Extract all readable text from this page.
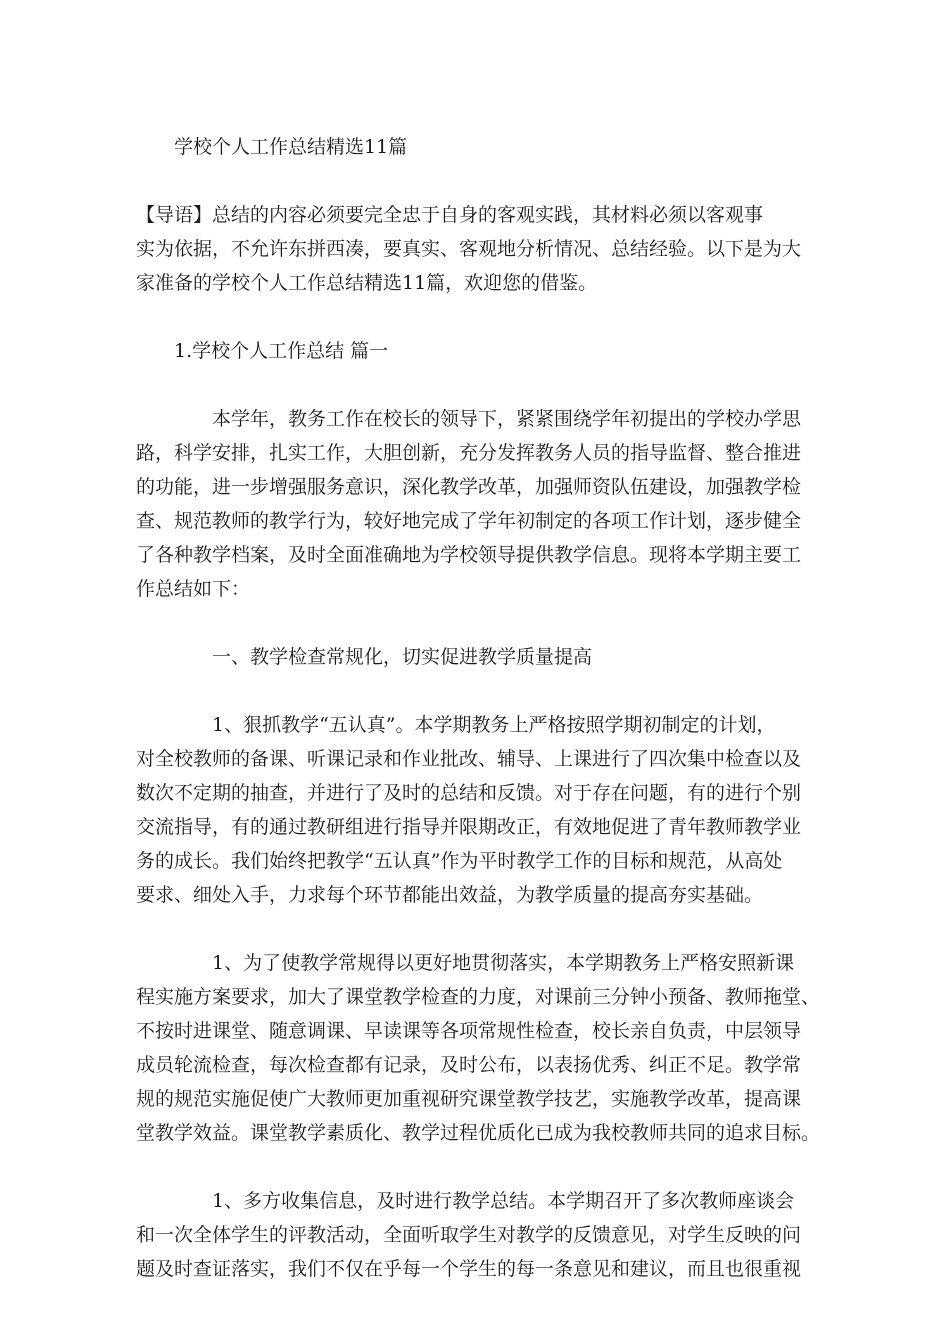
学校个人工作总结精选11篇
【导语】总结的内容必须要完全忠于自身的客观实践，其材料必须以客观事
实为依据，不允许东拼西凑，要真实、客观地分析情况、总结经验。以下是为大
家准备的学校个人工作总结精选11篇，欢迎您的借鉴。
1.学校个人工作总结 篇一
本学年，教务工作在校长的领导下，紧紧围绕学年初提出的学校办学思
路，科学安排，扎实工作，大胆创新，充分发挥教务人员的指导监督、整合推进
的功能，进一步增强服务意识，深化教学改革，加强师资队伍建设，加强教学检
查、规范教师的教学行为，较好地完成了学年初制定的各项工作计划，逐步健全
了各种教学档案，及时全面准确地为学校领导提供教学信息。现将本学期主要工
作总结如下：
一、教学检查常规化，切实促进教学质量提高
1、狠抓教学“五认真”。本学期教务上严格按照学期初制定的计划，
对全校教师的备课、听课记录和作业批改、辅导、上课进行了四次集中检查以及
数次不定期的抽查，并进行了及时的总结和反馈。对于存在问题，有的进行个别
交流指导，有的通过教研组进行指导并限期改正，有效地促进了青年教师教学业
务的成长。我们始终把教学“五认真”作为平时教学工作的目标和规范，从高处
要求、细处入手，力求每个环节都能出效益，为教学质量的提高夯实基础。
1、为了使教学常规得以更好地贯彻落实，本学期教务上严格安照新课
程实施方案要求，加大了课堂教学检查的力度，对课前三分钟小预备、教师拖堂、
不按时进课堂、随意调课、早读课等各项常规性检查，校长亲自负责，中层领导
成员轮流检查，每次检查都有记录，及时公布，以表扬优秀、纠正不足。教学常
规的规范实施促使广大教师更加重视研究课堂教学技艺，实施教学改革，提高课
堂教学效益。课堂教学素质化、教学过程优质化已成为我校教师共同的追求目标。
1、多方收集信息，及时进行教学总结。本学期召开了多次教师座谈会
和一次全体学生的评教活动，全面听取学生对教学的反馈意见，对学生反映的问
题及时查证落实，我们不仅在乎每一个学生的每一条意见和建议，而且也很重视
